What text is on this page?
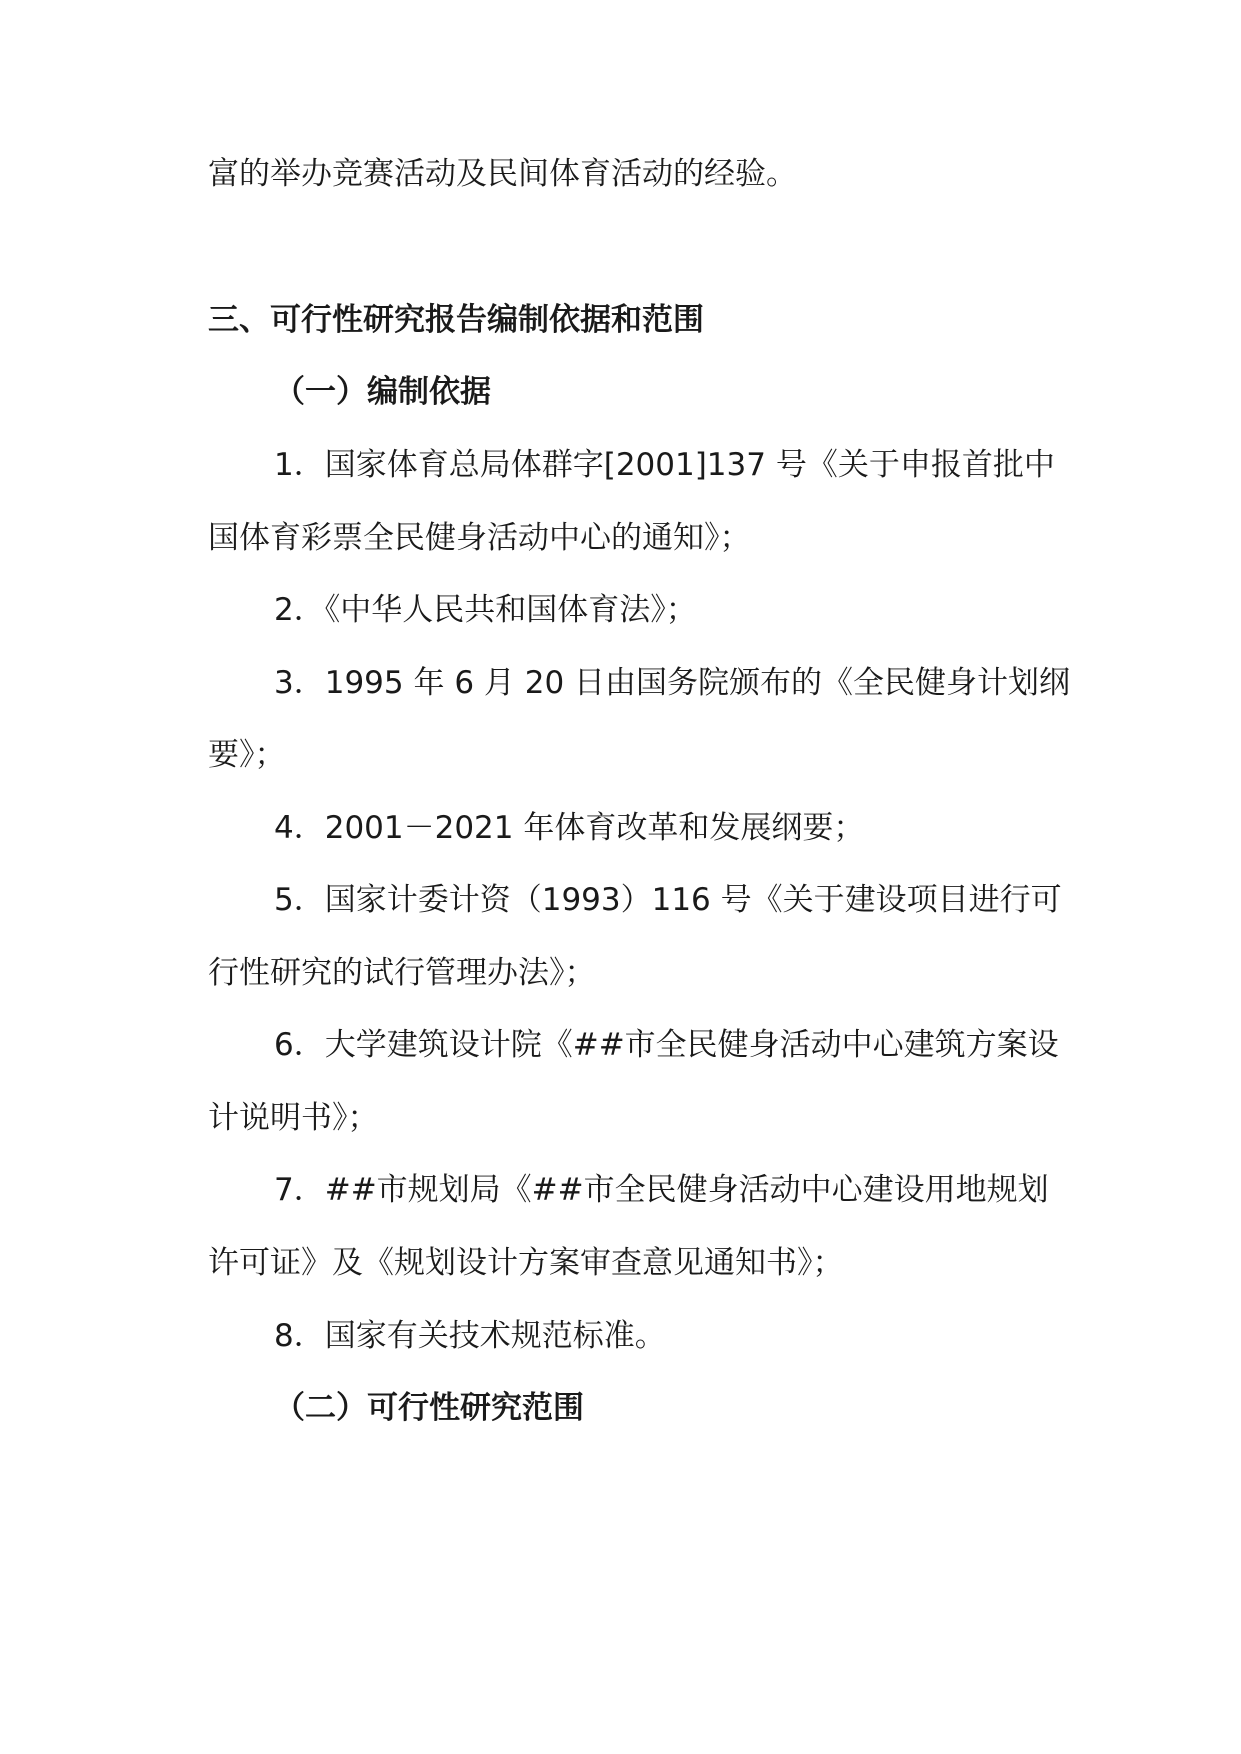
富的举办竞赛活动及民间体育活动的经验。
三、可行性研究报告编制依据和范围
（一）编制依据
1．国家体育总局体群字[2001]137 号《关于申报首批中
国体育彩票全民健身活动中心的通知》；
2．《中华人民共和国体育法》；
3．1995 年 6 月 20 日由国务院颁布的《全民健身计划纲
要》；
4．2001－2021 年体育改革和发展纲要；
5．国家计委计资（1993）116 号《关于建设项目进行可
行性研究的试行管理办法》；
6．大学建筑设计院《##市全民健身活动中心建筑方案设
计说明书》；
7．##市规划局《##市全民健身活动中心建设用地规划
许可证》及《规划设计方案审查意见通知书》；
8．国家有关技术规范标准。
（二）可行性研究范围
